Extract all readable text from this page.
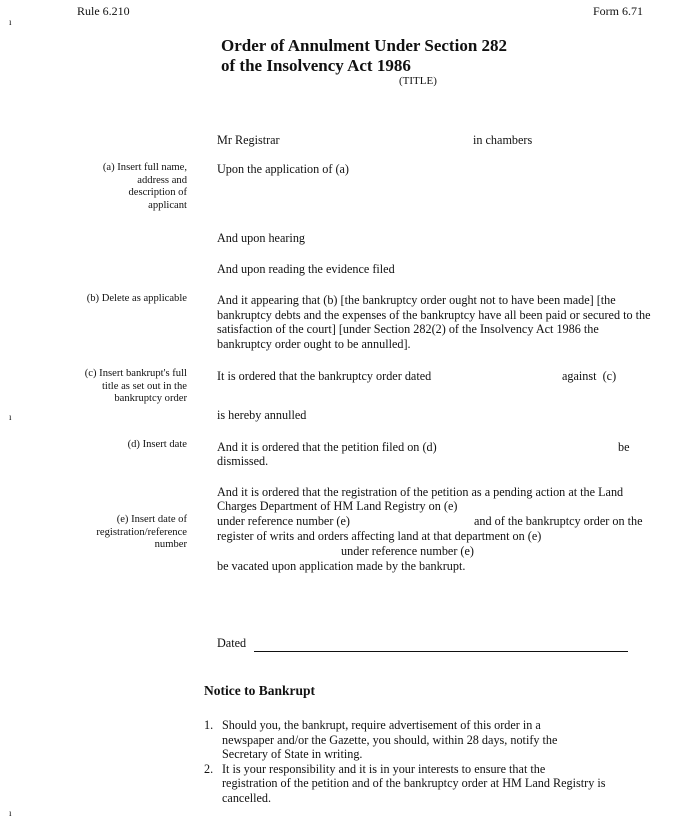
Rule 6.210	Form 6.71
Order of Annulment Under Section 282
of the Insolvency Act 1986
(TITLE)
ı
ı
ı
Mr Registrar	in chambers
(a) Insert full name,
address and
description of
applicant
Upon the application of (a)
And upon hearing
And upon reading the evidence filed
(b) Delete as applicable And it appearing that (b) [the bankruptcy order ought not to have been made] [the
bankruptcy debts and the expenses of the bankruptcy have all been paid or secured to the
satisfaction of the court] [under Section 282(2) of the Insolvency Act 1986 the
bankruptcy order ought to be annulled].
(c) Insert bankrupt's full
title as set out in the
bankruptcy order
It is ordered that the bankruptcy order dated	against  (c)
is hereby annulled
(d) Insert date And it is ordered that the petition filed on (d)	be
dismissed.
(e) Insert date of
registration/reference
number
And it is ordered that the registration of the petition as a pending action at the Land
Charges Department of HM Land Registry on (e)
under reference number (e)	and of the bankruptcy order on the
register of writs and orders affecting land at that department on (e)
under reference number (e)
be vacated upon application made by the bankrupt.
Dated
Notice to Bankrupt
1. Should you, the bankrupt, require advertisement of this order in a
newspaper and/or the Gazette, you should, within 28 days, notify the
Secretary of State in writing.
2. It is your responsibility and it is in your interests to ensure that the
registration of the petition and of the bankruptcy order at HM Land Registry is
cancelled.
